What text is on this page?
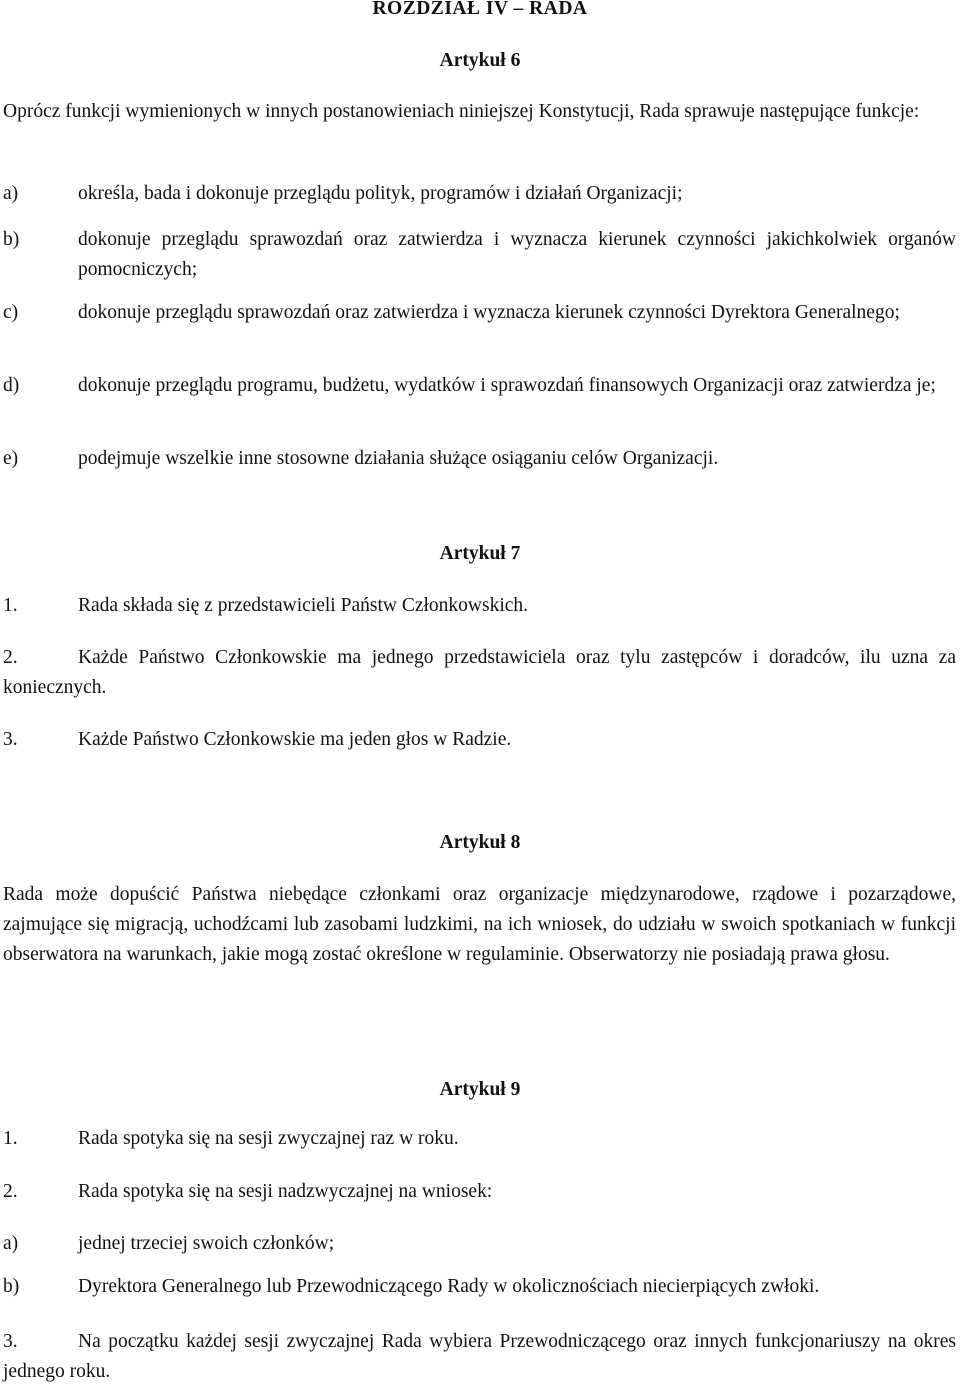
ROZDZIAŁ IV – RADA
Artykuł 6
Oprócz funkcji wymienionych w innych postanowieniach niniejszej Konstytucji, Rada sprawuje następujące funkcje:
a)	określa, bada i dokonuje przeglądu polityk, programów i działań Organizacji;
b)	dokonuje przeglądu sprawozdań oraz zatwierdza i wyznacza kierunek czynności jakichkolwiek organów pomocniczych;
c)	dokonuje przeglądu sprawozdań oraz zatwierdza i wyznacza kierunek czynności Dyrektora Generalnego;
d)	dokonuje przeglądu programu, budżetu, wydatków i sprawozdań finansowych Organizacji oraz zatwierdza je;
e)	podejmuje wszelkie inne stosowne działania służące osiąganiu celów Organizacji.
Artykuł 7
1.	Rada składa się z przedstawicieli Państw Członkowskich.
2.	Każde Państwo Członkowskie ma jednego przedstawiciela oraz tylu zastępców i doradców, ilu uzna za koniecznych.
3.	Każde Państwo Członkowskie ma jeden głos w Radzie.
Artykuł 8
Rada może dopuścić Państwa niebędące członkami oraz organizacje międzynarodowe, rządowe i pozarządowe, zajmujące się migracją, uchodźcami lub zasobami ludzkimi, na ich wniosek, do udziału w swoich spotkaniach w funkcji obserwatora na warunkach, jakie mogą zostać określone w regulaminie. Obserwatorzy nie posiadają prawa głosu.
Artykuł 9
1.	Rada spotyka się na sesji zwyczajnej raz w roku.
2.	Rada spotyka się na sesji nadzwyczajnej na wniosek:
a)	jednej trzeciej swoich członków;
b)	Dyrektora Generalnego lub Przewodniczącego Rady w okolicznościach niecierpiących zwłoki.
3.	Na początku każdej sesji zwyczajnej Rada wybiera Przewodniczącego oraz innych funkcjonariuszy na okres jednego roku.
